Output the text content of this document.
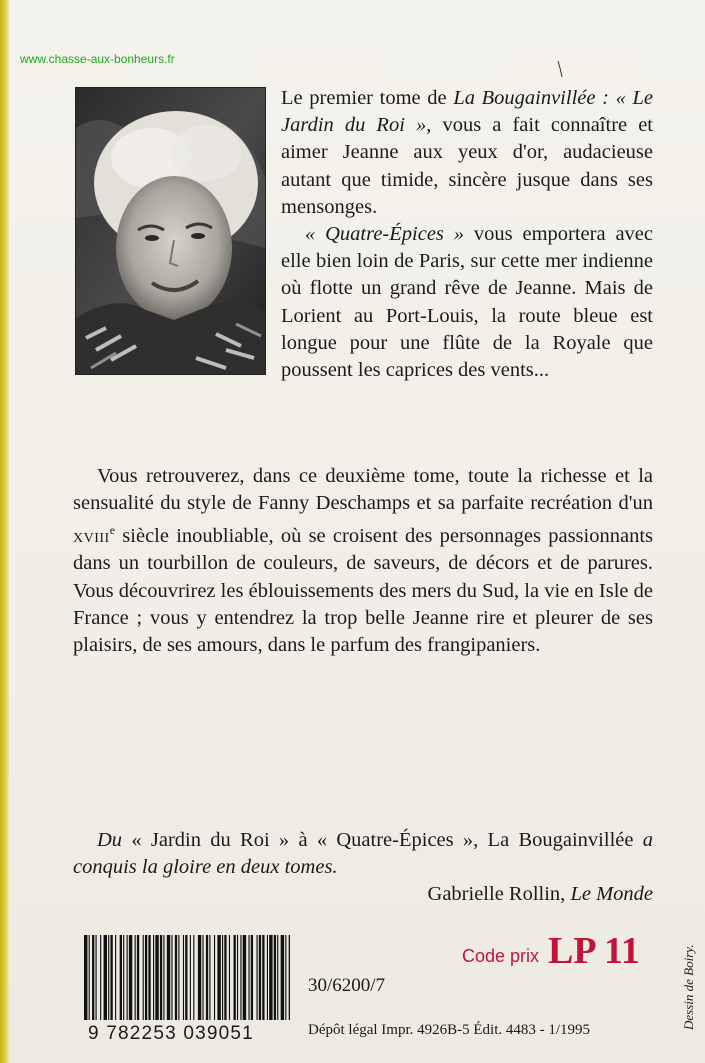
www.chasse-aux-bonheurs.fr

Le premier tome de La Bougainvillée : « Le Jardin du Roi », vous a fait connaître et aimer Jeanne aux yeux d'or, audacieuse autant que timide, sincère jusque dans ses mensonges.

« Quatre-Épices » vous emportera avec elle bien loin de Paris, sur cette mer indienne où flotte un grand rêve de Jeanne. Mais de Lorient au Port-Louis, la route bleue est longue pour une flûte de la Royale que poussent les caprices des vents...

Vous retrouverez, dans ce deuxième tome, toute la richesse et la sensualité du style de Fanny Deschamps et sa parfaite recréation d'un xviii$^e$ siècle inoubliable, où se croisent des personnages passionnants dans un tourbillon de couleurs, de saveurs, de décors et de parures. Vous découvrirez les éblouissements des mers du Sud, la vie en Isle de France ; vous y entendrez la trop belle Jeanne rire et pleurer de ses plaisirs, de ses amours, dans le parfum des frangipaniers.

Du « Jardin du Roi » à « Quatre-Épices », La Bougainvillée a conquis la gloire en deux tomes.
Gabrielle Rollin, Le Monde
9 782253 039051
Code prix LP 11
30/6200/7
Dépôt légal Impr. 4926B-5 Édit. 4483 - 1/1995	Dessin de Boiry.
